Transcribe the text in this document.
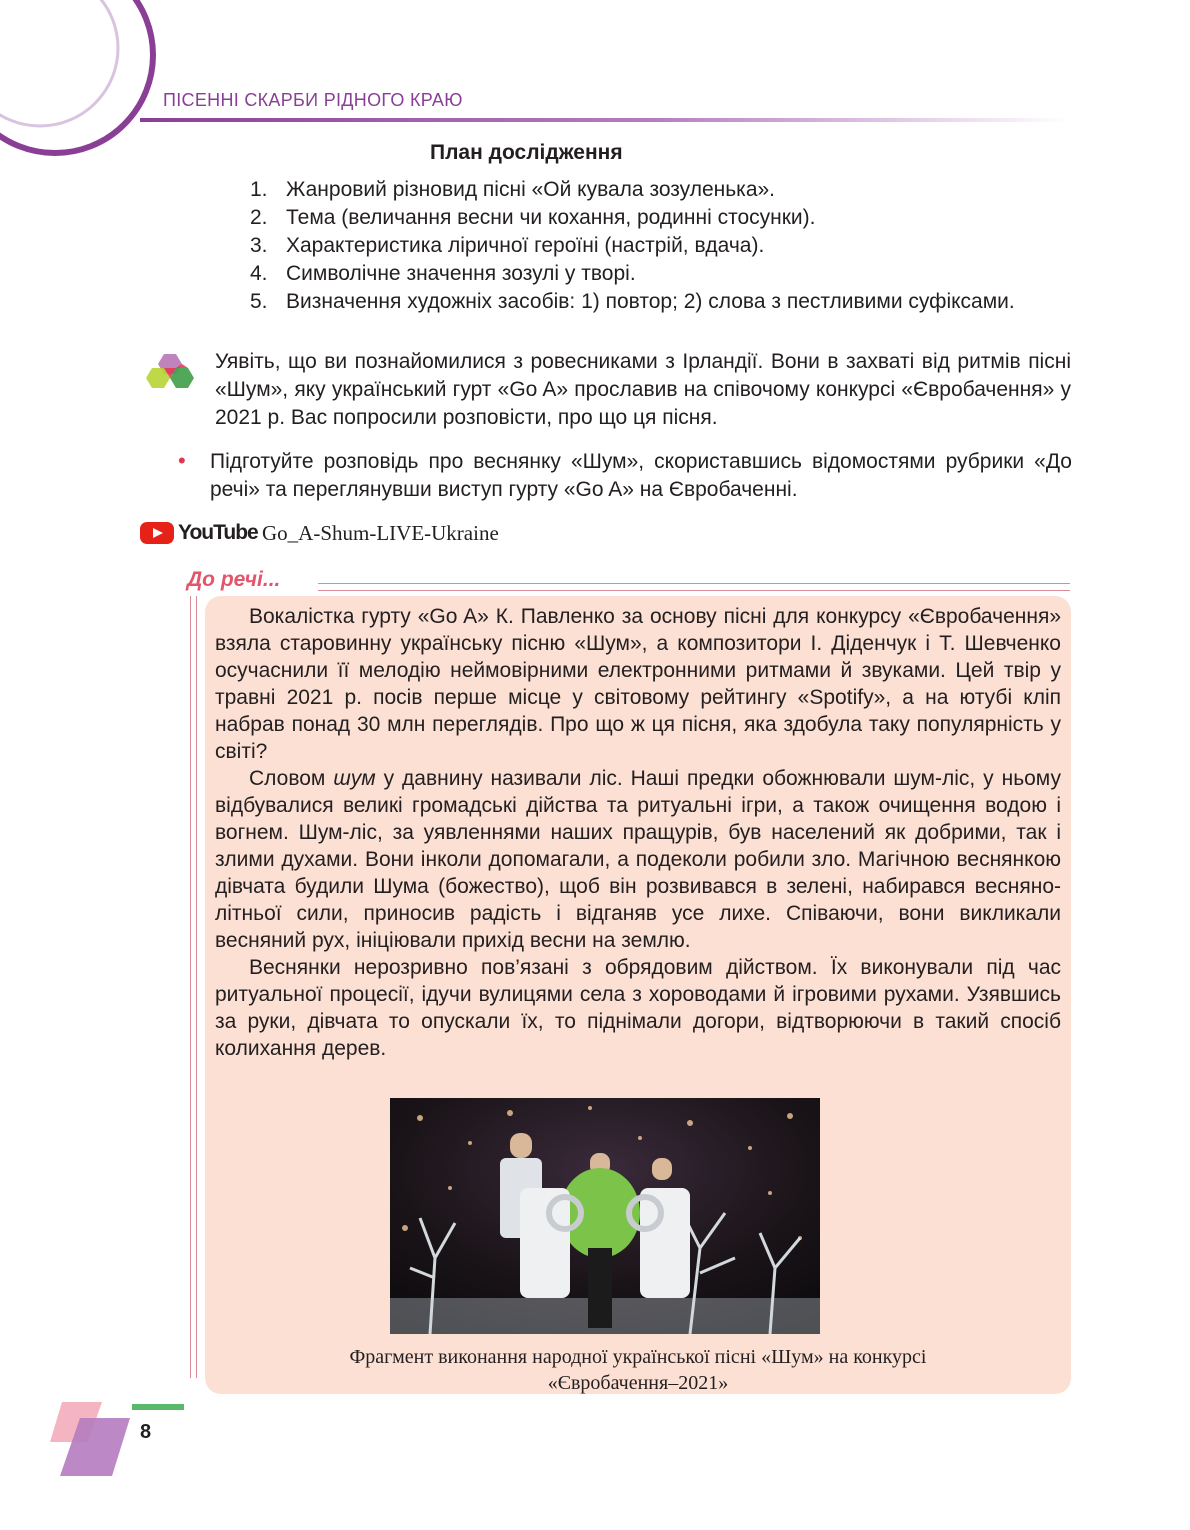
ПІСЕННІ СКАРБИ РІДНОГО КРАЮ
План дослідження
1. Жанровий різновид пісні «Ой кувала зозуленька».
2. Тема (величання весни чи кохання, родинні стосунки).
3. Характеристика ліричної героїні (настрій, вдача).
4. Символічне значення зозулі у творі.
5. Визначення художніх засобів: 1) повтор; 2) слова з пестливими суфіксами.
Уявіть, що ви познайомилися з ровесниками з Ірландії. Вони в захваті від ритмів пісні «Шум», яку український гурт «Go A» прославив на співочому конкурсі «Євробачення» у 2021 р. Вас попросили розповісти, про що ця пісня.
• Підготуйте розповідь про веснянку «Шум», скориставшись відомостями рубрики «До речі» та переглянувши виступ гурту «Go A» на Євробаченні.
YouTube Go_A-Shum-LIVE-Ukraine
До речі...

Вокалістка гурту «Go A» К. Павленко за основу пісні для конкурсу «Євробачення» взяла старовинну українську пісню «Шум», а композитори І. Діденчук і Т. Шевченко осучаснили її мелодію неймовірними електронними ритмами й звуками. Цей твір у травні 2021 р. посів перше місце у світовому рейтингу «Spotify», а на ютубі кліп набрав понад 30 млн переглядів. Про що ж ця пісня, яка здобула таку популярність у світі?

Словом шум у давнину називали ліс. Наші предки обожнювали шум-ліс, у ньому відбувалися великі громадські дійства та ритуальні ігри, а також очищення водою і вогнем. Шум-ліс, за уявленнями наших пращурів, був населений як добрими, так і злими духами. Вони інколи допомагали, а подеколи робили зло. Магічною веснянкою дівчата будили Шума (божество), щоб він розвивався в зелені, набирався весняно-літньої сили, приносив радість і відганяв усе лихе. Співаючи, вони викликали весняний рух, ініціювали прихід весни на землю.

Веснянки нерозривно пов’язані з обрядовим дійством. Їх виконували під час ритуальної процесії, ідучи вулицями села з хороводами й ігровими рухами. Узявшись за руки, дівчата то опускали їх, то піднімали догори, відтворюючи в такий спосіб колихання дерев.

Фрагмент виконання народної української пісні «Шум» на конкурсі
«Євробачення–2021»
8
